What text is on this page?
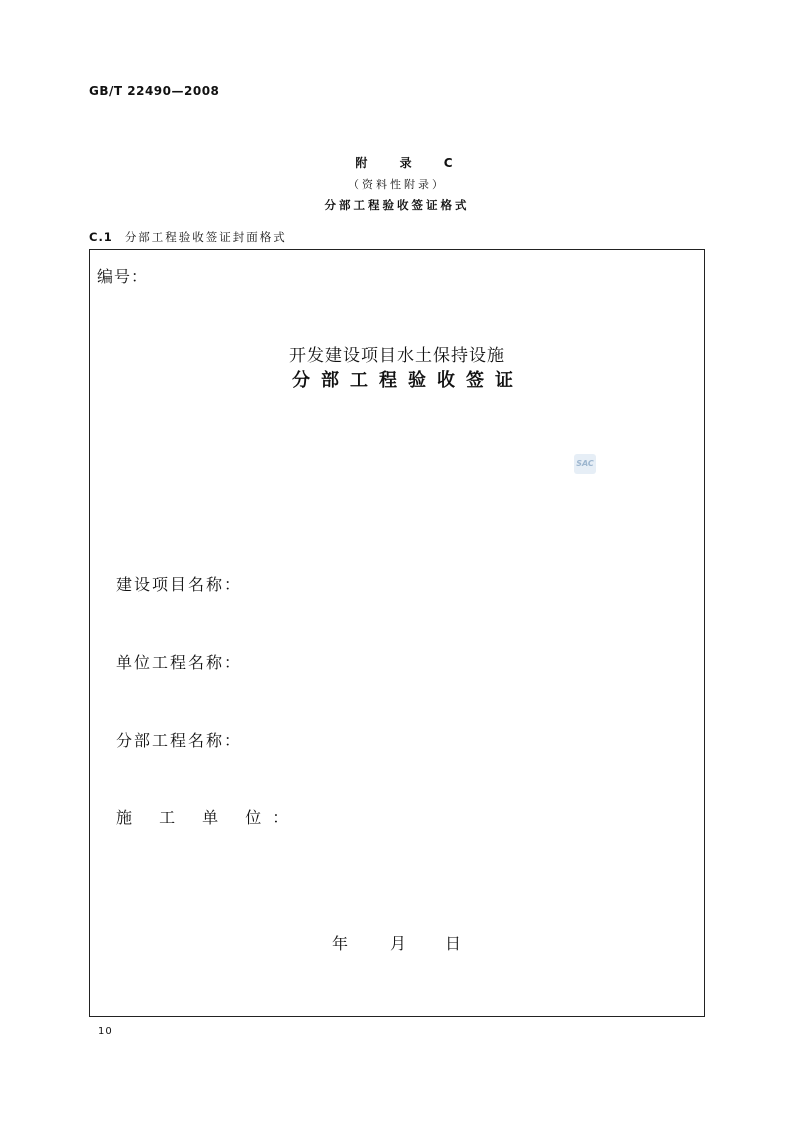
GB/T 22490—2008
附 录 C
（资料性附录）
分部工程验收签证格式
C.1 分部工程验收签证封面格式
编号：
开发建设项目水土保持设施
分部工程验收签证
SAC
建设项目名称：
单位工程名称：
分部工程名称：
施 工 单 位：
年	月 日
10
